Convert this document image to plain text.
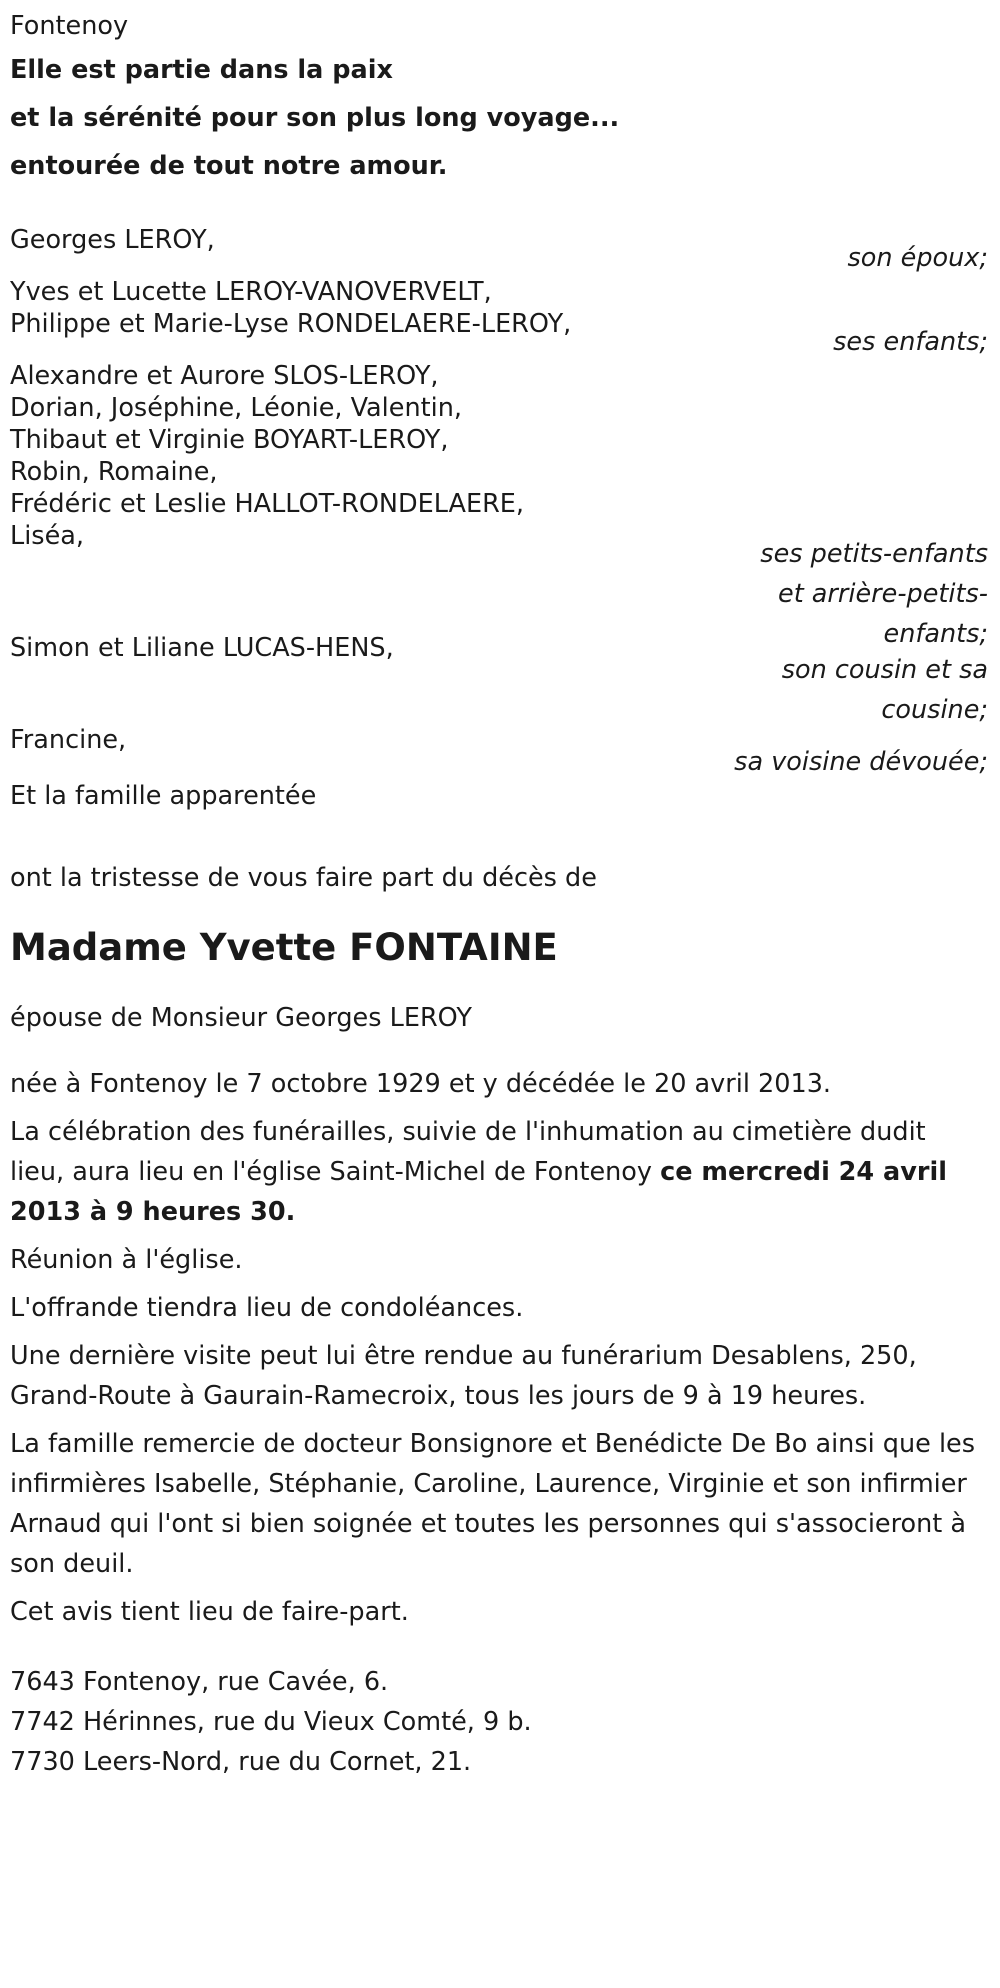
Fontenoy
Elle est partie dans la paix
et la sérénité pour son plus long voyage...
entourée de tout notre amour.
Georges LEROY,
son époux;
Yves et Lucette LEROY-VANOVERVELT,
Philippe et Marie-Lyse RONDELAERE-LEROY,
ses enfants;
Alexandre et Aurore SLOS-LEROY,
Dorian, Joséphine, Léonie, Valentin,
Thibaut et Virginie BOYART-LEROY,
Robin, Romaine,
Frédéric et Leslie HALLOT-RONDELAERE,
Liséa,
ses petits-enfants
et arrière-petits-
enfants;
Simon et Liliane LUCAS-HENS,
son cousin et sa
cousine;
Francine,
sa voisine dévouée;
Et la famille apparentée
ont la tristesse de vous faire part du décès de
Madame Yvette FONTAINE
épouse de Monsieur Georges LEROY
née à Fontenoy le 7 octobre 1929 et y décédée le 20 avril 2013.
La célébration des funérailles, suivie de l'inhumation au cimetière dudit lieu, aura lieu en l'église Saint-Michel de Fontenoy ce mercredi 24 avril 2013 à 9 heures 30.
Réunion à l'église.
L'offrande tiendra lieu de condoléances.
Une dernière visite peut lui être rendue au funérarium Desablens, 250, Grand-Route à Gaurain-Ramecroix, tous les jours de 9 à 19 heures.
La famille remercie de docteur Bonsignore et Benédicte De Bo ainsi que les infirmières Isabelle, Stéphanie, Caroline, Laurence, Virginie et son infirmier Arnaud qui l'ont si bien soignée et toutes les personnes qui s'associeront à son deuil.
Cet avis tient lieu de faire-part.
7643 Fontenoy, rue Cavée, 6.
7742 Hérinnes, rue du Vieux Comté, 9 b.
7730 Leers-Nord, rue du Cornet, 21.
